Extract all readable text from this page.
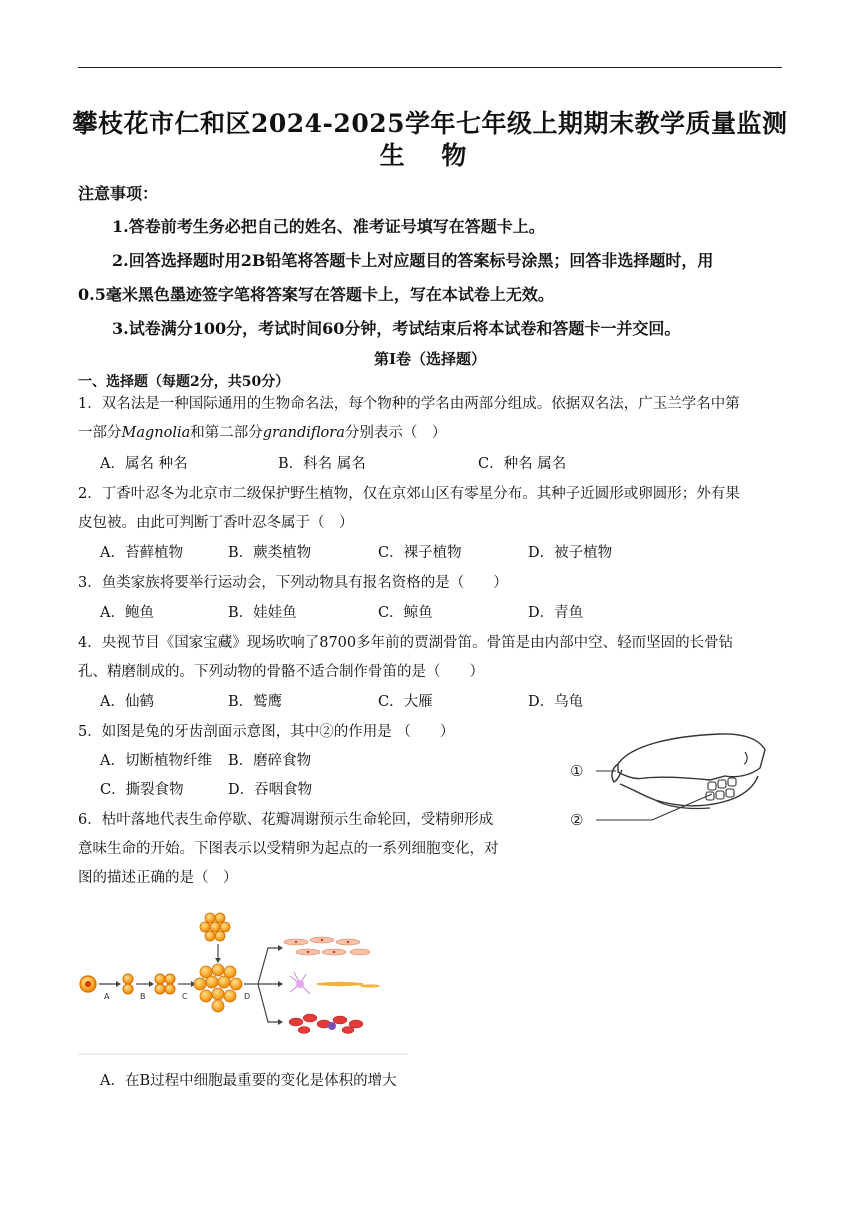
攀枝花市仁和区2024-2025学年七年级上期期末教学质量监测
生 物
注意事项：
1.答卷前考生务必把自己的姓名、准考证号填写在答题卡上。
2.回答选择题时用2B铅笔将答题卡上对应题目的答案标号涂黑；回答非选择题时，用
0.5毫米黑色墨迹签字笔将答案写在答题卡上，写在本试卷上无效。
3.试卷满分100分，考试时间60分钟，考试结束后将本试卷和答题卡一并交回。
第Ⅰ卷（选择题）
一、选择题（每题2分，共50分）
1．双名法是一种国际通用的生物命名法，每个物种的学名由两部分组成。依据双名法，广玉兰学名中第
一部分Magnolia和第二部分grandiflora分别表示（　）
A．属名 种名	B．科名 属名	C．种名 属名
2．丁香叶忍冬为北京市二级保护野生植物，仅在京郊山区有零星分布。其种子近圆形或卵圆形；外有果
皮包被。由此可判断丁香叶忍冬属于（　）
A．苔藓植物	B．蕨类植物	C．裸子植物	D．被子植物
3．鱼类家族将要举行运动会，下列动物具有报名资格的是（　　）
A．鲍鱼	B．娃娃鱼	C．鲸鱼	D．青鱼
4．央视节目《国家宝藏》现场吹响了8700多年前的贾湖骨笛。骨笛是由内部中空、轻而坚固的长骨钻
孔、精磨制成的。下列动物的骨骼不适合制作骨笛的是（　　）
A．仙鹤	B．鹫鹰	C．大雁	D．乌龟
5．如图是兔的牙齿剖面示意图，其中②的作用是 （　　）
A．切断植物纤维 B．磨碎食物
C．撕裂食物	D．吞咽食物
①
②
6．枯叶落地代表生命停歇、花瓣凋谢预示生命轮回，受精卵形成
意味生命的开始。下图表示以受精卵为起点的一系列细胞变化，对
图的描述正确的是（　）
A	B	C	D
A．在B过程中细胞最重要的变化是体积的增大
